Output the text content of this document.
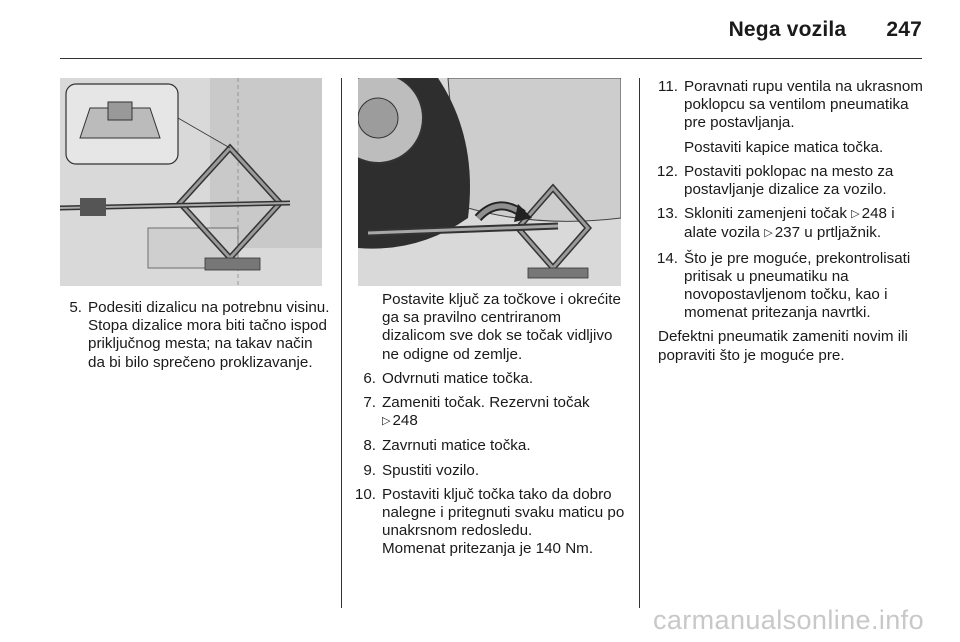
Nega vozila 247
5. Podesiti dizalicu na potrebnu visinu. Stopa dizalice mora biti tačno ispod priključnog mesta; na takav način da bi bilo sprečeno proklizavanje.
Postavite ključ za točkove i okrećite ga sa pravilno centriranom dizalicom sve dok se točak vidljivo ne odigne od zemlje.
6. Odvrnuti matice točka.
7. Zameniti točak. Rezervni točak

▷ 248

8. Zavrnuti matice točka.
9. Spustiti vozilo.
10. Postaviti ključ točka tako da dobro nalegne i pritegnuti svaku maticu po unakrsnom redosledu.

Momenat pritezanja je 140 Nm.

11. Poravnati rupu ventila na ukrasnom poklopcu sa ventilom pneumatika pre postavljanja.

Postaviti kapice matica točka.

12. Postaviti poklopac na mesto za postavljanje dizalice za vozilo.
13. Skloniti zamenjeni točak ▷ 248 i alate vozila ▷ 237 u prtljažnik.
14. Što je pre moguće, prekontrolisati pritisak u pneumatiku na novopostavljenom točku, kao i momenat pritezanja navrtki.
Defektni pneumatik zameniti novim ili popraviti što je moguće pre.
carmanualsonline.info
